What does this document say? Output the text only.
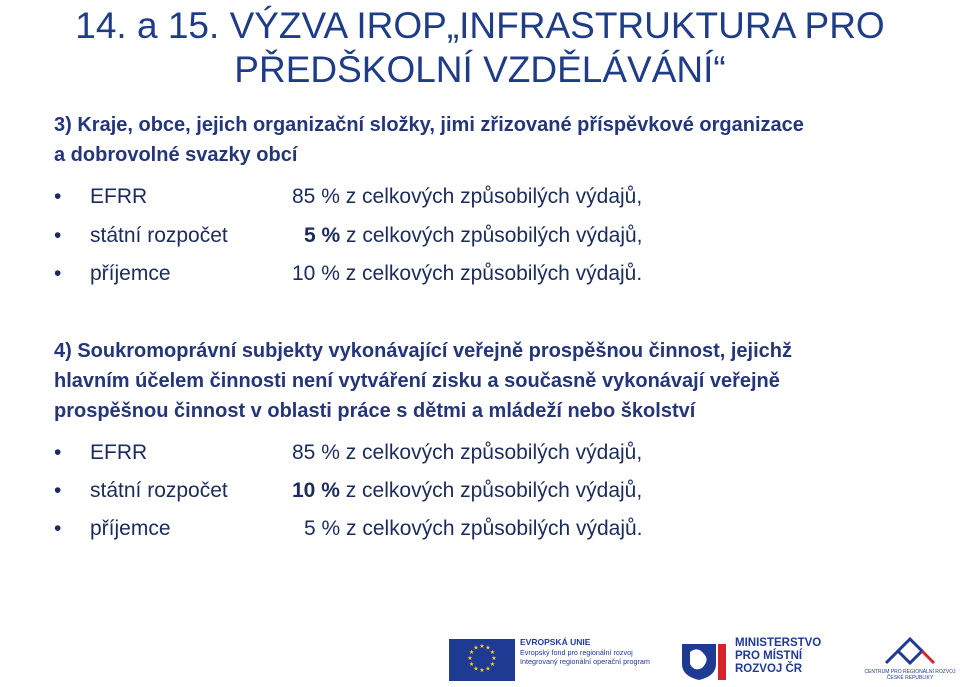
14. a 15. VÝZVA IROP„INFRASTRUKTURA PRO
PŘEDŠKOLNÍ VZDĚLÁVÁNÍ“
3) Kraje, obce, jejich organizační složky, jimi zřizované příspěvkové organizace
a dobrovolné svazky obcí
•	EFRR	85 % z celkových způsobilých výdajů,
•	státní rozpočet	5 % z celkových způsobilých výdajů,
•	příjemce	10 % z celkových způsobilých výdajů.
4) Soukromoprávní subjekty vykonávající veřejně prospěšnou činnost, jejichž
hlavním účelem činnosti není vytváření zisku a současně vykonávají veřejně
prospěšnou činnost v oblasti práce s dětmi a mládeží nebo školství
•	EFRR	85 % z celkových způsobilých výdajů,
•	státní rozpočet	10 % z celkových způsobilých výdajů,
•	příjemce	5 % z celkových způsobilých výdajů.
★ ★
★
★
★
★
★
★
★
★
★
★
EVROPSKÁ UNIE
Evropský fond pro regionální rozvoj
Integrovaný regionální operační program
MINISTERSTVO
PRO MÍSTNÍ
ROZVOJ ČR	CENTRUM PRO REGIONÁLNÍ ROZVOJ
ČESKÉ REPUBLIKY
